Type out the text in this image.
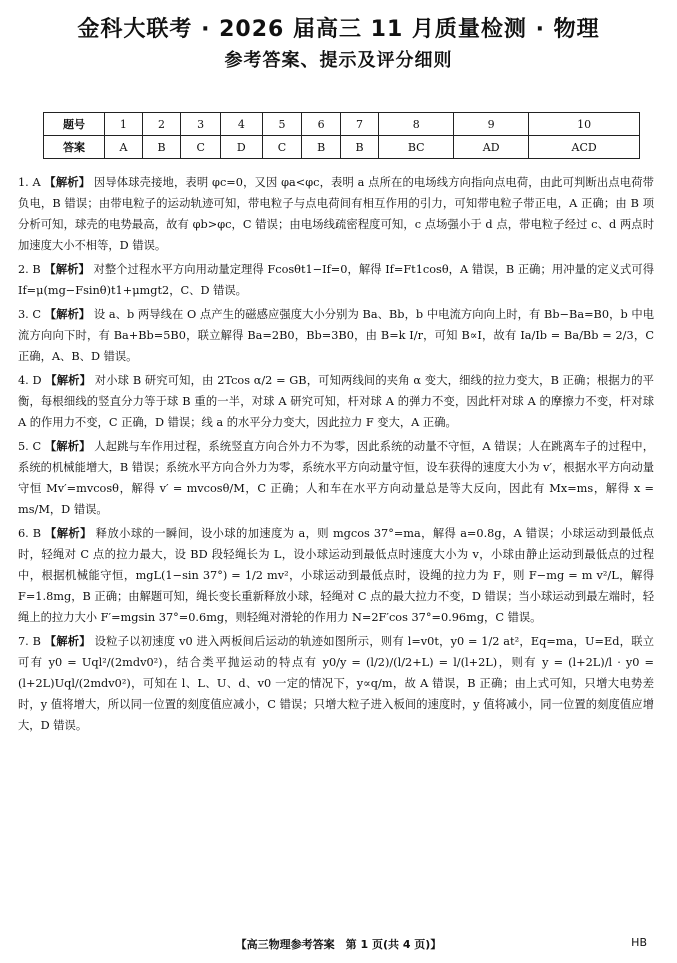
金科大联考 · 2026 届高三 11 月质量检测 · 物理
参考答案、提示及评分细则
题号	1	2	3	4	5	6	7	8	9	10
答案	A	B	C	D	C	B	B	BC	AD	ACD

1. A 【解析】 因导体球壳接地，表明 φc=0，又因 φa<φc，表明 a 点所在的电场线方向指向点电荷，由此可判断出点电荷带负电，B 错误；由带电粒子的运动轨迹可知，带电粒子与点电荷间有相互作用的引力，可知带电粒子带正电，A 正确；由 B 项分析可知，球壳的电势最高，故有 φb>φc，C 错误；由电场线疏密程度可知，c 点场强小于 d 点，带电粒子经过 c、d 两点时加速度大小不相等，D 错误。

2. B 【解析】 对整个过程水平方向用动量定理得 Fcosθt1−If=0，解得 If=Ft1cosθ，A 错误，B 正确；用冲量的定义式可得 If=μ(mg−Fsinθ)t1+μmgt2，C、D 错误。

3. C 【解析】 设 a、b 两导线在 O 点产生的磁感应强度大小分别为 Ba、Bb，b 中电流方向向上时，有 Bb−Ba=B0，b 中电流方向向下时，有 Ba+Bb=5B0，联立解得 Ba=2B0，Bb=3B0，由 B=k I/r，可知 B∝I，故有 Ia/Ib = Ba/Bb = 2/3，C 正确，A、B、D 错误。

4. D 【解析】 对小球 B 研究可知，由 2Tcos α/2 = GB，可知两线间的夹角 α 变大，细线的拉力变大，B 正确；根据力的平衡，每根细线的竖直分力等于球 B 重的一半，对球 A 研究可知，杆对球 A 的弹力不变，因此杆对球 A 的摩擦力不变，杆对球 A 的作用力不变，C 正确，D 错误；线 a 的水平分力变大，因此拉力 F 变大，A 正确。

5. C 【解析】 人起跳与车作用过程，系统竖直方向合外力不为零，因此系统的动量不守恒，A 错误；人在跳离车子的过程中，系统的机械能增大，B 错误；系统水平方向合外力为零，系统水平方向动量守恒，设车获得的速度大小为 v′，根据水平方向动量守恒 Mv′=mvcosθ，解得 v′ = mvcosθ/M，C 正确；人和车在水平方向动量总是等大反向，因此有 Mx=ms，解得 x = ms/M，D 错误。

6. B 【解析】 释放小球的一瞬间，设小球的加速度为 a，则 mgcos 37°=ma，解得 a=0.8g，A 错误；小球运动到最低点时，轻绳对 C 点的拉力最大，设 BD 段轻绳长为 L，设小球运动到最低点时速度大小为 v，小球由静止运动到最低点的过程中，根据机械能守恒，mgL(1−sin 37°) = 1/2 mv²，小球运动到最低点时，设绳的拉力为 F，则 F−mg = m v²/L，解得 F=1.8mg，B 正确；由解题可知，绳长变长重新释放小球，轻绳对 C 点的最大拉力不变，D 错误；当小球运动到最左端时，轻绳上的拉力大小 F′=mgsin 37°=0.6mg，则轻绳对滑轮的作用力 N=2F′cos 37°=0.96mg，C 错误。

7. B 【解析】 设粒子以初速度 v0 进入两板间后运动的轨迹如图所示，则有 l=v0t，y0 = 1/2 at²，Eq=ma，U=Ed，联立可有 y0 = Uql²/(2mdv0²)，结合类平抛运动的特点有 y0/y = (l/2)/(l/2+L) = l/(l+2L)，则有 y = (l+2L)/l · y0 = (l+2L)Uql/(2mdv0²)，可知在 l、L、U、d、v0 一定的情况下，y∝q/m，故 A 错误，B 正确；由上式可知，只增大电势差时，y 值将增大，所以同一位置的刻度值应减小，C 错误；只增大粒子进入板间的速度时，y 值将减小，同一位置的刻度值应增大，D 错误。

【高三物理参考答案　第 1 页(共 4 页)】	HB
